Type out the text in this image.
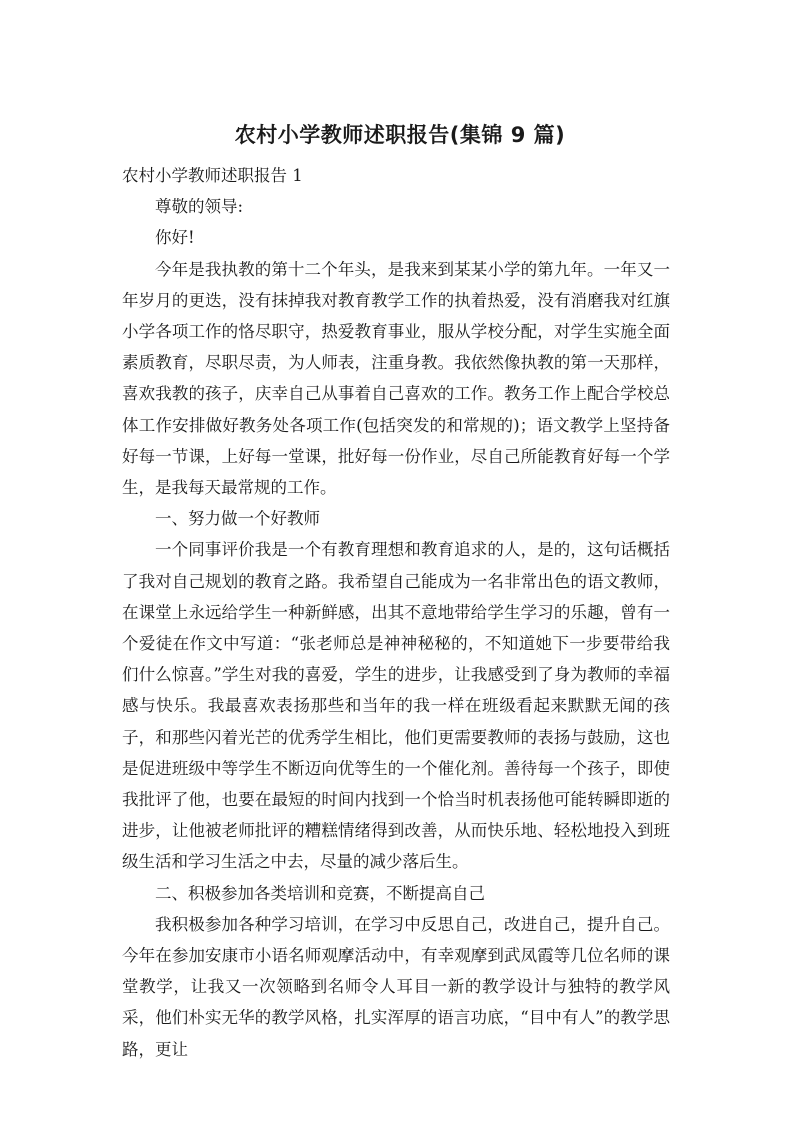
农村小学教师述职报告(集锦 9 篇)

农村小学教师述职报告 1

尊敬的领导:

你好!

今年是我执教的第十二个年头，是我来到某某小学的第九年。一年又一年岁月的更迭，没有抹掉我对教育教学工作的执着热爱，没有消磨我对红旗小学各项工作的恪尽职守，热爱教育事业，服从学校分配，对学生实施全面素质教育，尽职尽责，为人师表，注重身教。我依然像执教的第一天那样，喜欢我教的孩子，庆幸自己从事着自己喜欢的工作。教务工作上配合学校总体工作安排做好教务处各项工作(包括突发的和常规的)；语文教学上坚持备好每一节课，上好每一堂课，批好每一份作业，尽自己所能教育好每一个学生，是我每天最常规的工作。

一、努力做一个好教师

一个同事评价我是一个有教育理想和教育追求的人，是的，这句话概括了我对自己规划的教育之路。我希望自己能成为一名非常出色的语文教师，在课堂上永远给学生一种新鲜感，出其不意地带给学生学习的乐趣，曾有一个爱徒在作文中写道：“张老师总是神神秘秘的，不知道她下一步要带给我们什么惊喜。”学生对我的喜爱，学生的进步，让我感受到了身为教师的幸福感与快乐。我最喜欢表扬那些和当年的我一样在班级看起来默默无闻的孩子，和那些闪着光芒的优秀学生相比，他们更需要教师的表扬与鼓励，这也是促进班级中等学生不断迈向优等生的一个催化剂。善待每一个孩子，即使我批评了他，也要在最短的时间内找到一个恰当时机表扬他可能转瞬即逝的进步，让他被老师批评的糟糕情绪得到改善，从而快乐地、轻松地投入到班级生活和学习生活之中去，尽量的减少落后生。

二、积极参加各类培训和竞赛，不断提高自己

我积极参加各种学习培训，在学习中反思自己，改进自己，提升自己。今年在参加安康市小语名师观摩活动中，有幸观摩到武凤霞等几位名师的课堂教学，让我又一次领略到名师令人耳目一新的教学设计与独特的教学风采，他们朴实无华的教学风格，扎实浑厚的语言功底，“目中有人”的教学思路，更让
